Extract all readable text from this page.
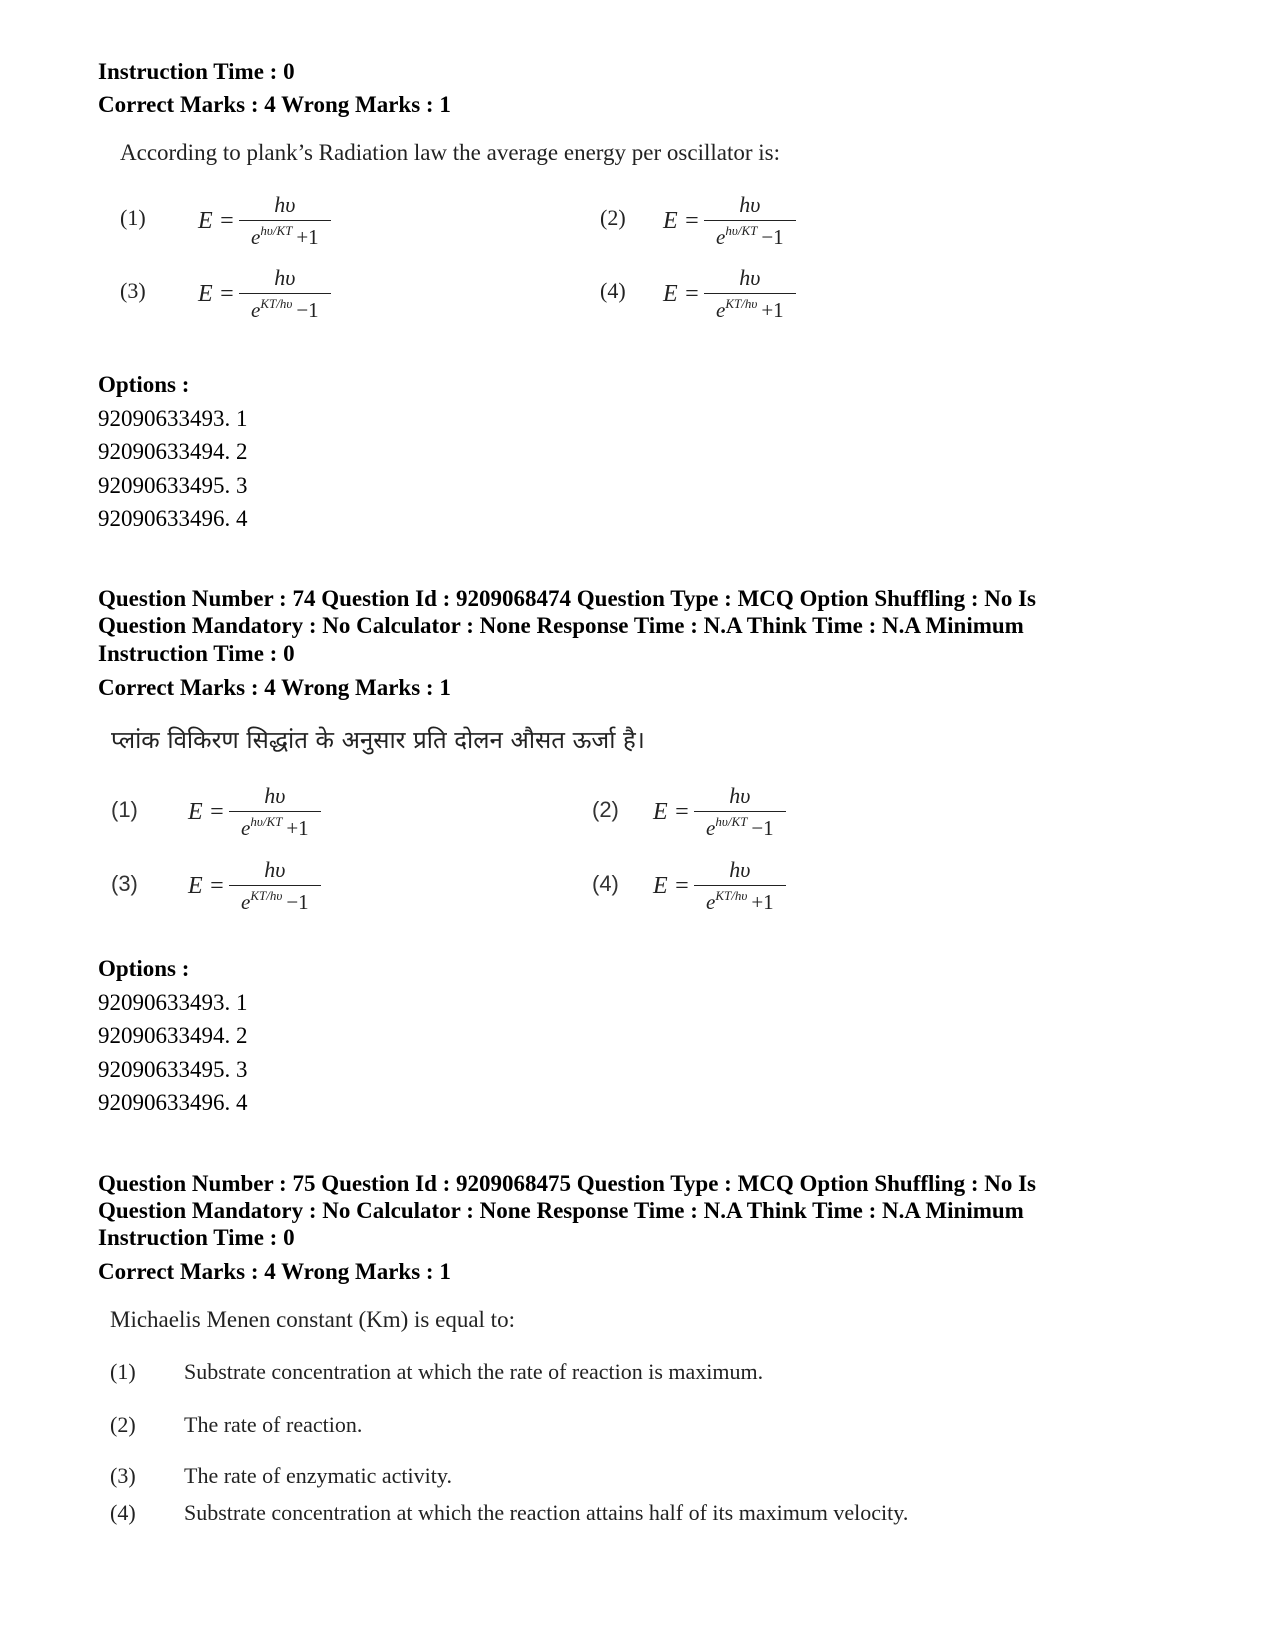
Instruction Time : 0
Correct Marks : 4 Wrong Marks : 1
According to plank’s Radiation law the average energy per oscillator is:
(1) $E = \frac{h\upsilon}{e^{h\upsilon/KT} +1}$	(2) $E = \frac{h\upsilon}{e^{h\upsilon/KT} -1}$
(3) $E = \frac{h\upsilon}{e^{KT/h\upsilon} -1}$	(4) $E = \frac{h\upsilon}{e^{KT/h\upsilon} +1}$
Options :
92090633493. 1
92090633494. 2
92090633495. 3
92090633496. 4
Question Number : 74 Question Id : 9209068474 Question Type : MCQ Option Shuffling : No Is
Question Mandatory : No Calculator : None Response Time : N.A Think Time : N.A Minimum
Instruction Time : 0
Correct Marks : 4 Wrong Marks : 1
प्लांक विकिरण सिद्धांत के अनुसार प्रति दोलन औसत ऊर्जा है।
(1) $E = \frac{h\upsilon}{e^{h\upsilon/KT} +1}$	(2) $E = \frac{h\upsilon}{e^{h\upsilon/KT} -1}$
(3) $E = \frac{h\upsilon}{e^{KT/h\upsilon} -1}$	(4) $E = \frac{h\upsilon}{e^{KT/h\upsilon} +1}$
Options :
92090633493. 1
92090633494. 2
92090633495. 3
92090633496. 4
Question Number : 75 Question Id : 9209068475 Question Type : MCQ Option Shuffling : No Is
Question Mandatory : No Calculator : None Response Time : N.A Think Time : N.A Minimum
Instruction Time : 0
Correct Marks : 4 Wrong Marks : 1
Michaelis Menen constant (Km) is equal to:
(1) Substrate concentration at which the rate of reaction is maximum.
(2) The rate of reaction.
(3) The rate of enzymatic activity.
(4) Substrate concentration at which the reaction attains half of its maximum velocity.
